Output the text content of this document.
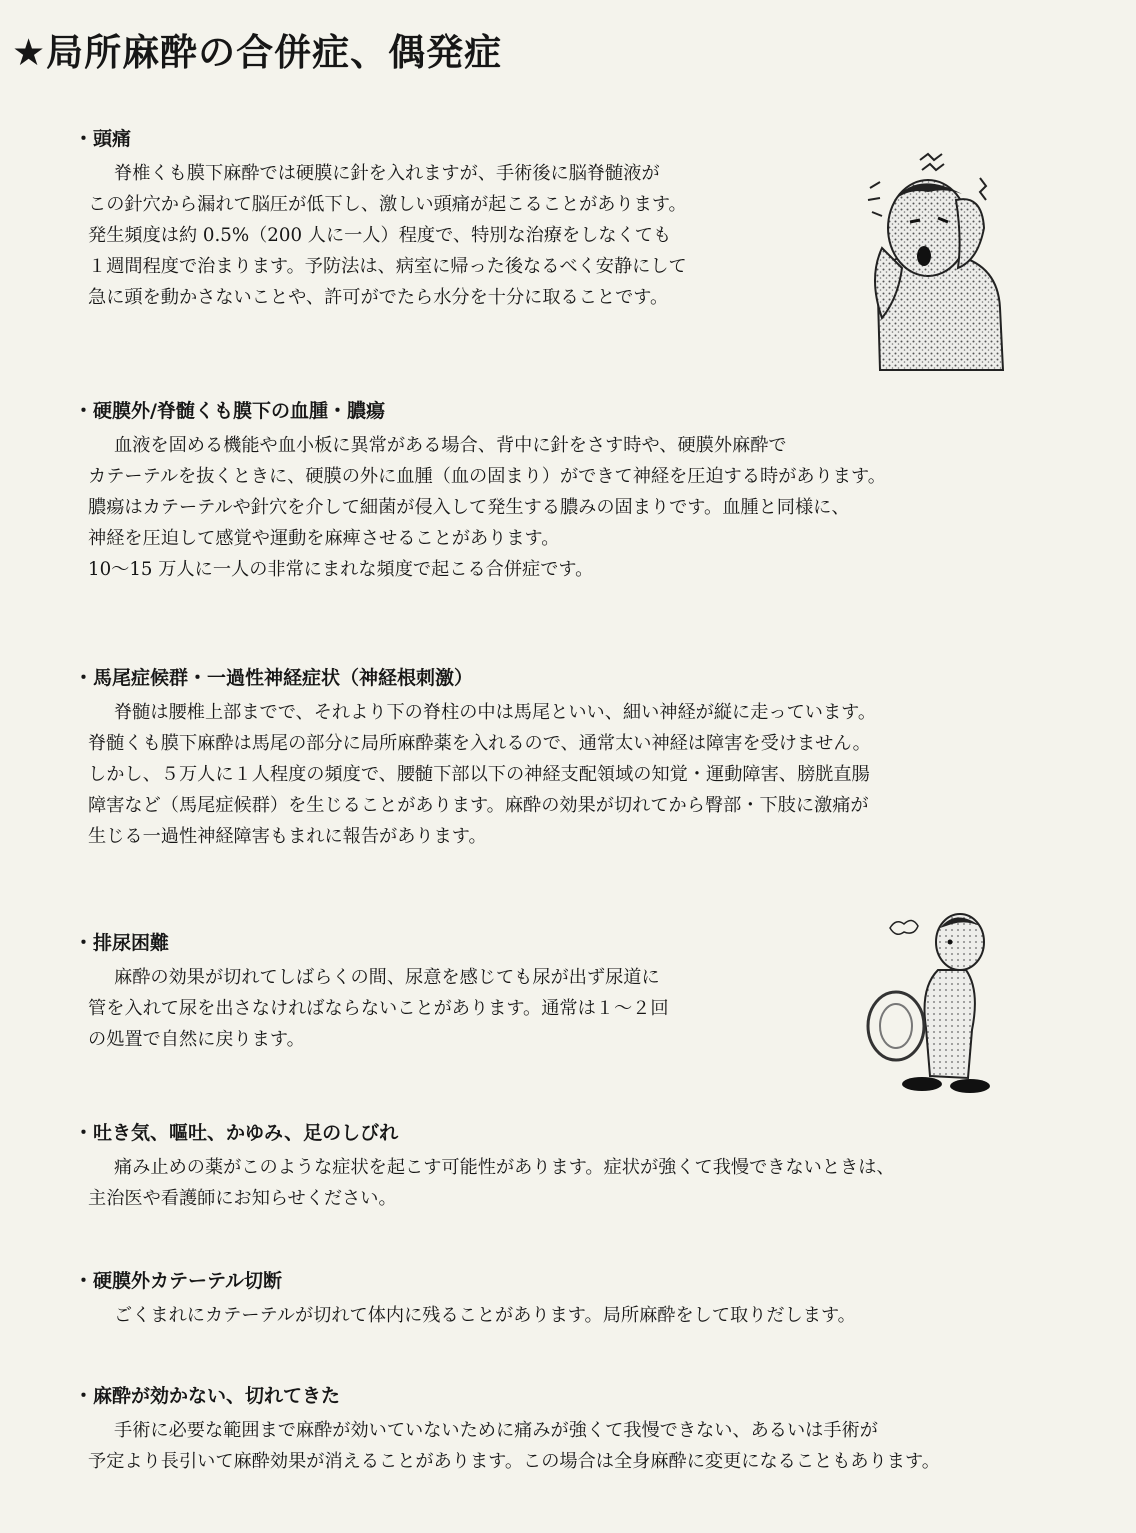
★局所麻酔の合併症、偶発症

・頭痛

脊椎くも膜下麻酔では硬膜に針を入れますが、手術後に脳脊髄液が

この針穴から漏れて脳圧が低下し、激しい頭痛が起こることがあります。

発生頻度は約 0.5%（200 人に一人）程度で、特別な治療をしなくても

１週間程度で治まります。予防法は、病室に帰った後なるべく安静にして

急に頭を動かさないことや、許可がでたら水分を十分に取ることです。

・硬膜外/脊髄くも膜下の血腫・膿瘍

血液を固める機能や血小板に異常がある場合、背中に針をさす時や、硬膜外麻酔で

カテーテルを抜くときに、硬膜の外に血腫（血の固まり）ができて神経を圧迫する時があります。

膿瘍はカテーテルや針穴を介して細菌が侵入して発生する膿みの固まりです。血腫と同様に、

神経を圧迫して感覚や運動を麻痺させることがあります。

10～15 万人に一人の非常にまれな頻度で起こる合併症です。

・馬尾症候群・一過性神経症状（神経根刺激）

脊髄は腰椎上部までで、それより下の脊柱の中は馬尾といい、細い神経が縦に走っています。

脊髄くも膜下麻酔は馬尾の部分に局所麻酔薬を入れるので、通常太い神経は障害を受けません。

しかし、５万人に１人程度の頻度で、腰髄下部以下の神経支配領域の知覚・運動障害、膀胱直腸

障害など（馬尾症候群）を生じることがあります。麻酔の効果が切れてから臀部・下肢に激痛が

生じる一過性神経障害もまれに報告があります。

・排尿困難

麻酔の効果が切れてしばらくの間、尿意を感じても尿が出ず尿道に

管を入れて尿を出さなければならないことがあります。通常は１～２回

の処置で自然に戻ります。

・吐き気、嘔吐、かゆみ、足のしびれ

痛み止めの薬がこのような症状を起こす可能性があります。症状が強くて我慢できないときは、

主治医や看護師にお知らせください。

・硬膜外カテーテル切断

ごくまれにカテーテルが切れて体内に残ることがあります。局所麻酔をして取りだします。

・麻酔が効かない、切れてきた

手術に必要な範囲まで麻酔が効いていないために痛みが強くて我慢できない、あるいは手術が

予定より長引いて麻酔効果が消えることがあります。この場合は全身麻酔に変更になることもあります。
